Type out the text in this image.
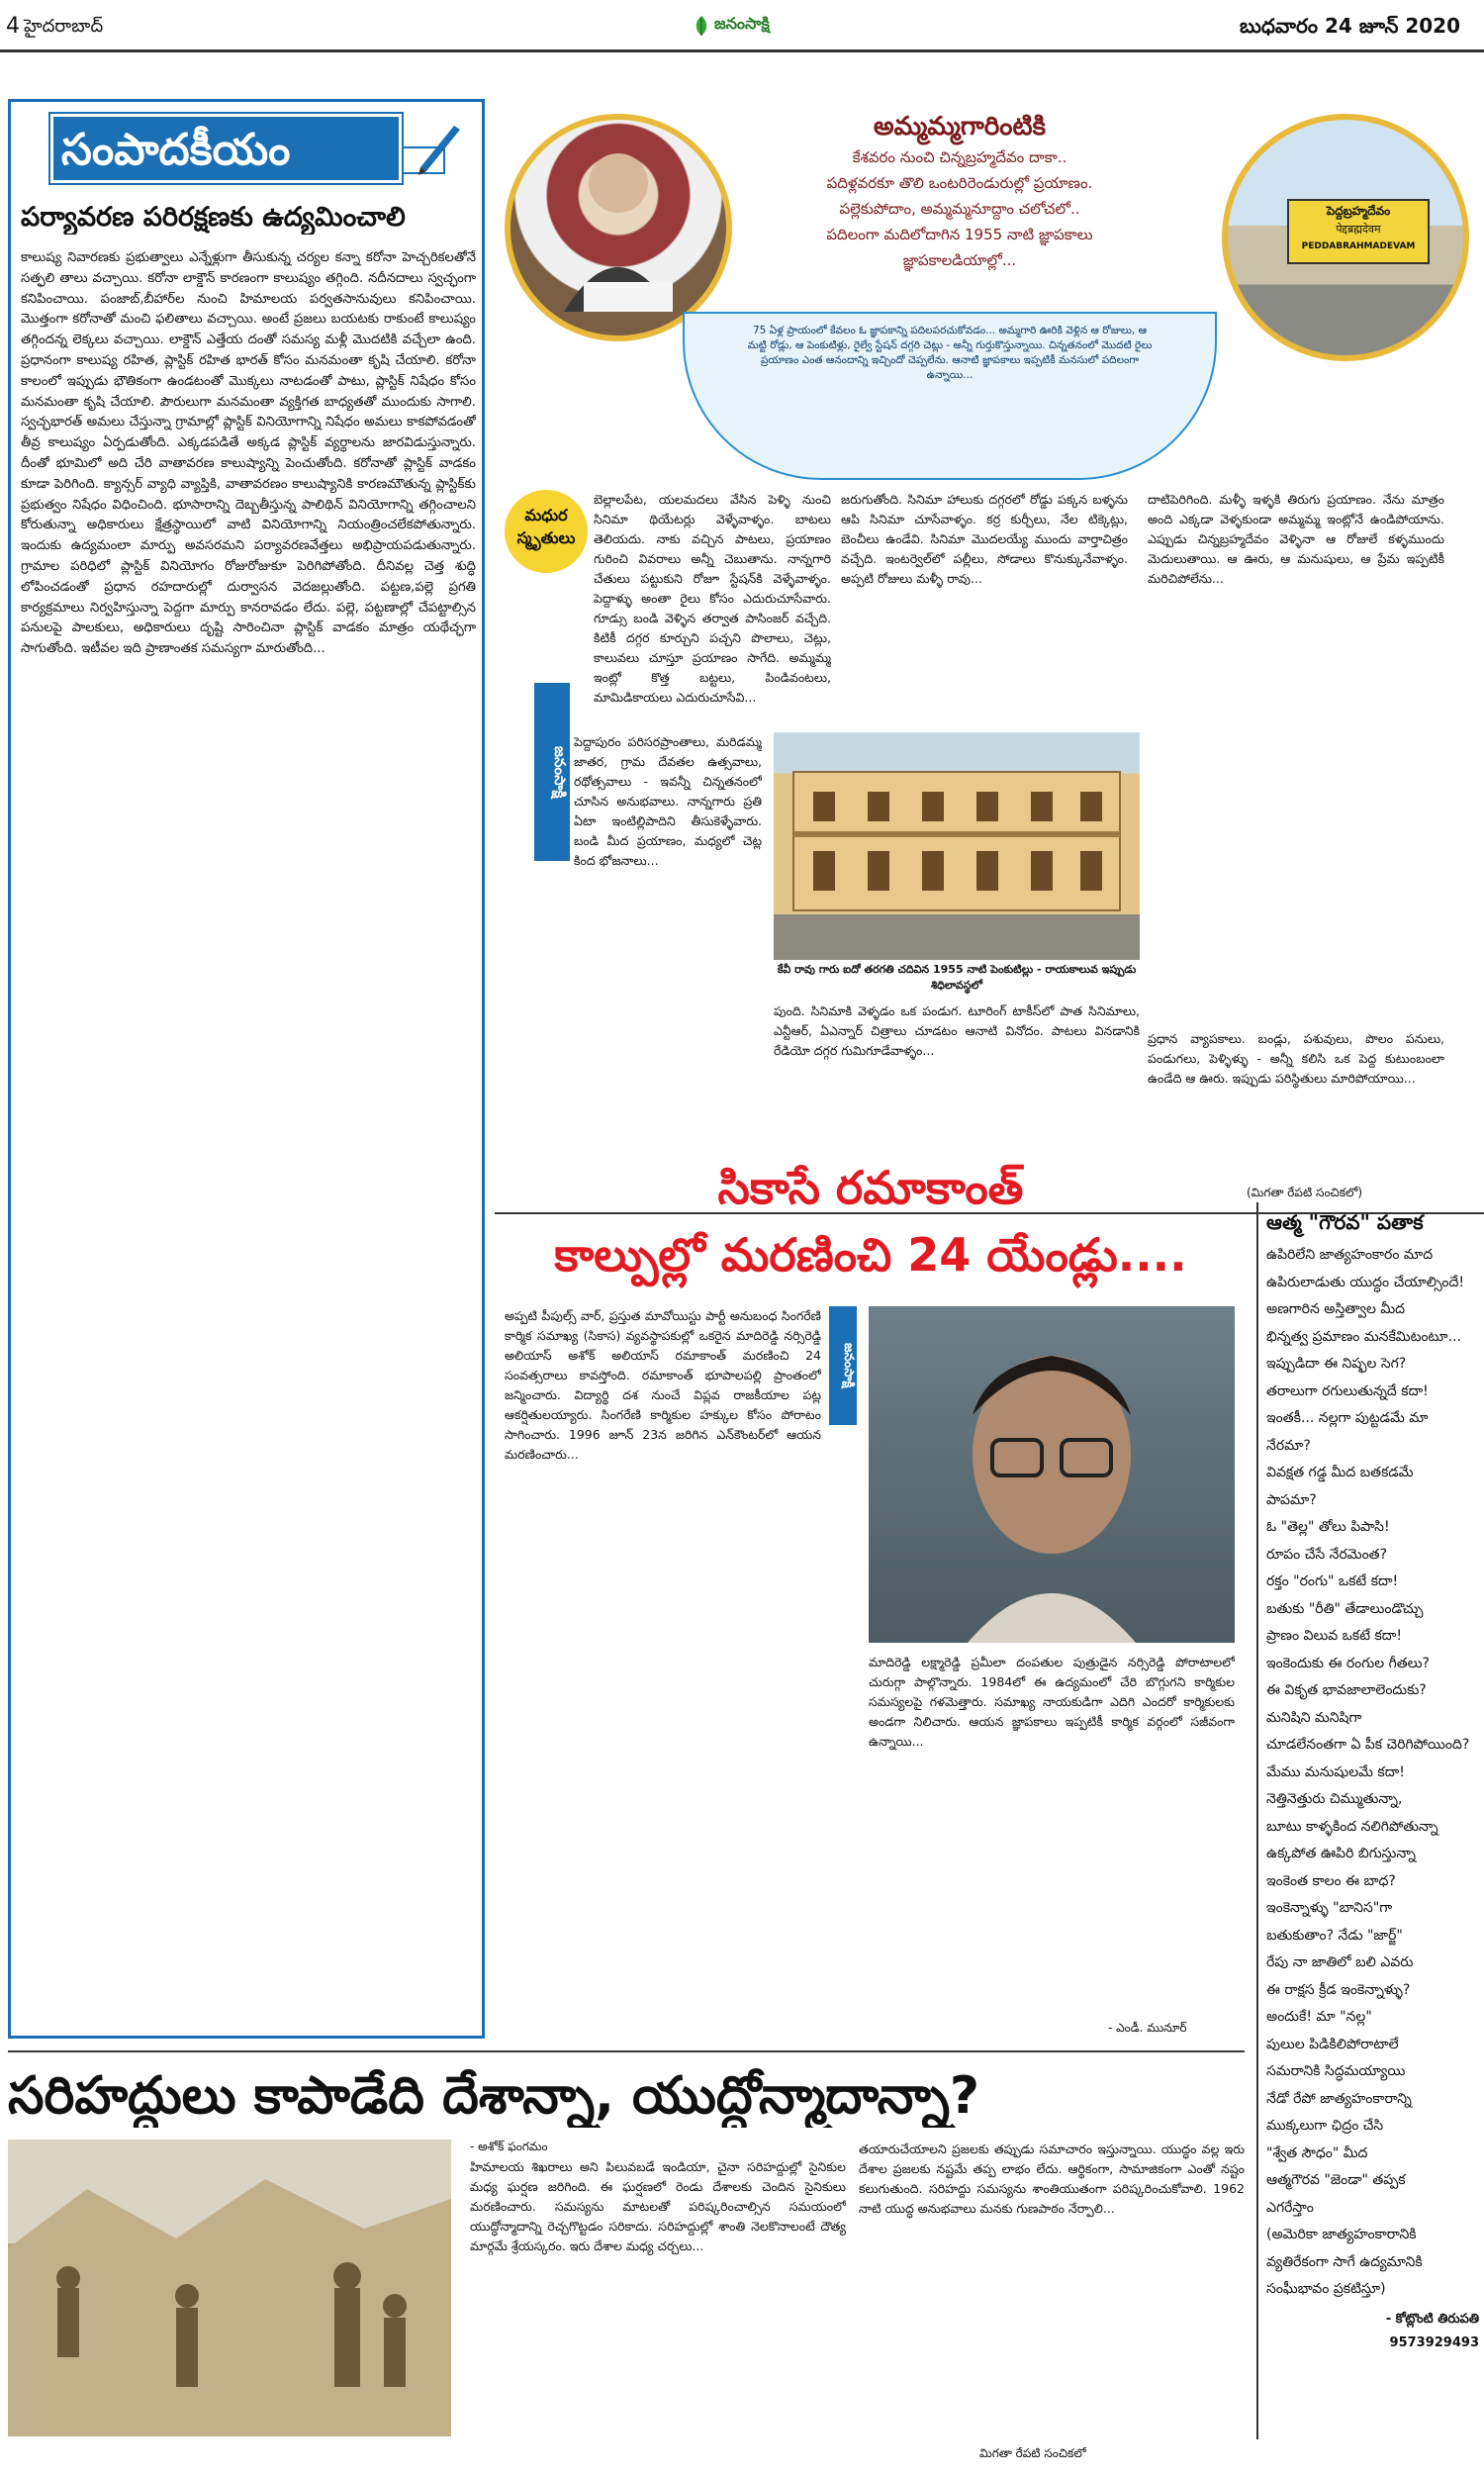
4 హైదరాబాద్	జనంసాక్షి	బుధవారం 24 జూన్ 2020
సంపాదకీయం
పర్యావరణ పరిరక్షణకు ఉద్యమించాలి
కాలుష్య నివారణకు ప్రభుత్వాలు ఎన్నేళ్లుగా తీసుకున్న చర్యల కన్నా కరోనా హెచ్చరికలతోనే సత్ఫలి తాలు వచ్చాయి. కరోనా లాక్డౌన్ కారణంగా కాలుష్యం తగ్గింది. నదీనదాలు స్వచ్ఛంగా కనిపించాయి. పంజాబ్,బీహార్‌ల నుంచి హిమాలయ పర్వతసానువులు కనిపించాయి. మొత్తంగా కరోనాతో మంచి ఫలితాలు వచ్చాయి. అంటే ప్రజలు బయటకు రాకుంటే కాలుష్యం తగ్గిందన్న లెక్కలు వచ్చాయి. లాక్డౌన్ ఎత్తేయ దంతో సమస్య మళ్లీ మొదటికి వచ్చేలా ఉంది. ప్రధానంగా కాలుష్య రహిత, ప్లాస్టిక్ రహిత భారత్ కోసం మనమంతా కృషి చేయాలి. కరోనా కాలంలో ఇప్పుడు భౌతికంగా ఉండటంతో మొక్కలు నాటడంతో పాటు, ప్లాస్టిక్ నిషేధం కోసం మనమంతా కృషి చేయాలి. పౌరులుగా మనమంతా వ్యక్తిగత బాధ్యతతో ముందుకు సాగాలి. స్వచ్ఛభారత్ అమలు చేస్తున్నా గ్రామాల్లో ప్లాస్టిక్ వినియోగాన్ని నిషేధం అమలు కాకపోవడంతో తీవ్ర కాలుష్యం ఏర్పడుతోంది. ఎక్కడపడితే అక్కడ ప్లాస్టిక్ వ్యర్థాలను జారవిడుస్తున్నారు. దీంతో భూమిలో అది చేరి వాతావరణ కాలుష్యాన్ని పెంచుతోంది. కరోనాతో ప్లాస్టిక్ వాడకం కూడా పెరిగింది. క్యాన్సర్ వ్యాధి వ్యాప్తికి, వాతావరణం కాలుష్యానికి కారణమౌతున్న ప్లాస్టిక్‌కు ప్రభుత్వం నిషేధం విధించింది. భూసారాన్ని దెబ్బతీస్తున్న పాలిథిన్ వినియోగాన్ని తగ్గించాలని కోరుతున్నా అధికారులు క్షేత్రస్థాయిలో వాటి వినియోగాన్ని నియంత్రించలేకపోతున్నారు. ఇందుకు ఉద్యమంలా మార్పు అవసరమని పర్యావరణవేత్తలు అభిప్రాయపడుతున్నారు. గ్రామాల పరిధిలో ప్లాస్టిక్ వినియోగం రోజురోజుకూ పెరిగిపోతోంది. దీనివల్ల చెత్త శుద్ధి లోపించడంతో ప్రధాన రహదారుల్లో దుర్వాసన వెదజల్లుతోంది. పట్టణ,పల్లె ప్రగతి కార్యక్రమాలు నిర్వహిస్తున్నా పెద్దగా మార్పు కానరావడం లేదు. పల్లె, పట్టణాల్లో చేపట్టాల్సిన పనులపై పాలకులు, అధికారులు దృష్టి సారించినా ప్లాస్టిక్ వాడకం మాత్రం యథేచ్ఛగా సాగుతోంది. ఇటీవల ఇది ప్రాణాంతక సమస్యగా మారుతోంది...
అమ్మమ్మగారింటికి
కేశవరం నుంచి చిన్నబ్రహ్మదేవం దాకా..
పదిళ్లవరకూ తొలి ఒంటరిరెండురుల్లో ప్రయాణం.
పల్లెకుపోదాం, అమ్మమ్మనూద్దాం చలోచలో..
పదిలంగా మదిలోదాగిన 1955 నాటి జ్ఞాపకాలు
జ్ఞాపకాలడియాల్లో...
75 ఏళ్ల ప్రాయంలో కేవలం ఓ జ్ఞాపకాన్ని పదిలపరచుకోవడం... అమ్మగారి ఊరికి వెళ్లిన ఆ రోజులు, ఆ మట్టి రోడ్లు, ఆ పెంకుటిళ్లు, రైల్వే స్టేషన్ దగ్గరి చెట్లు - అన్నీ గుర్తుకొస్తున్నాయి. చిన్నతనంలో మొదటి రైలు ప్రయాణం ఎంత ఆనందాన్ని ఇచ్చిందో చెప్పలేను. ఆనాటి జ్ఞాపకాలు ఇప్పటికీ మనసులో పదిలంగా ఉన్నాయి...
పెద్దబ్రహ్మదేవం
पेद्दब्रह्मदेवम
PEDDABRAHMADEVAM
మధుర
స్మృతులు
బెల్లాలపేట, యలమదలు వేసిన పెళ్ళి నుంచి సినిమా థియేటర్లు వెళ్ళేవాళ్ళం. బాటలు తెలియదు. నాకు వచ్చిన పాటలు, ప్రయాణం గురించి వివరాలు అన్నీ చెబుతాను. నాన్నగారి చేతులు పట్టుకుని రోజూ స్టేషన్‌కి వెళ్ళేవాళ్ళం. పెద్దాళ్ళు అంతా రైలు కోసం ఎదురుచూసేవారు. గూడ్సు బండి వెళ్ళిన తర్వాత పాసింజర్ వచ్చేది. కిటికీ దగ్గర కూర్చుని పచ్చని పొలాలు, చెట్లు, కాలువలు చూస్తూ ప్రయాణం సాగేది. అమ్మమ్మ ఇంట్లో కొత్త బట్టలు, పిండివంటలు, మామిడికాయలు ఎదురుచూసేవి...
జనంసాక్షి
జరుగుతోంది. సినిమా హాలుకు దగ్గరలో రోడ్డు పక్కన బళ్ళను ఆపి సినిమా చూసేవాళ్ళం. కర్ర కుర్చీలు, నేల టిక్కెట్లు, బెంచీలు ఉండేవి. సినిమా మొదలయ్యే ముందు వార్తాచిత్రం వచ్చేది. ఇంటర్వెల్‌లో పల్లీలు, సోడాలు కొనుక్కునేవాళ్ళం. అప్పటి రోజులు మళ్ళీ రావు...
దాటిపెరిగింది. మళ్ళీ ఇళ్ళకి తిరుగు ప్రయాణం. నేను మాత్రం అంది ఎక్కడా వెళ్ళకుండా అమ్మమ్మ ఇంట్లోనే ఉండిపోయాను. ఎప్పుడు చిన్నబ్రహ్మదేవం వెళ్ళినా ఆ రోజులే కళ్ళముందు మెదులుతాయి. ఆ ఊరు, ఆ మనుషులు, ఆ ప్రేమ ఇప్పటికీ మరిచిపోలేను...
పెద్దాపురం పరిసరప్రాంతాలు, మరిడమ్మ జాతర, గ్రామ దేవతల ఉత్సవాలు, రథోత్సవాలు - ఇవన్నీ చిన్నతనంలో చూసిన అనుభవాలు. నాన్నగారు ప్రతి ఏటా ఇంటిల్లిపాదిని తీసుకెళ్ళేవారు. బండి మీద ప్రయాణం, మధ్యలో చెట్ల కింద భోజనాలు...
కేవీ రావు గారు ఐదో తరగతి చదివిన 1955 నాటి పెంకుటిల్లు - రాయకాలువ ఇప్పుడు శిధిలావస్థలో
పుంది. సినిమాకి వెళ్ళడం ఒక పండుగ. టూరింగ్ టాకీస్‌లో పాత సినిమాలు, ఎన్టీఆర్, ఏఎన్నార్ చిత్రాలు చూడటం ఆనాటి వినోదం. పాటలు వినడానికి రేడియో దగ్గర గుమిగూడేవాళ్ళం...
ప్రధాన వ్యాపకాలు. బండ్లు, పశువులు, పొలం పనులు, పండుగలు, పెళ్ళిళ్ళు - అన్నీ కలిసి ఒక పెద్ద కుటుంబంలా ఉండేది ఆ ఊరు. ఇప్పుడు పరిస్థితులు మారిపోయాయి...
(మిగతా రేపటి సంచికలో)
సికాసే రమాకాంత్
కాల్పుల్లో మరణించి 24 యేండ్లు....
అప్పటి పీపుల్స్ వార్, ప్రస్తుత మావోయిస్టు పార్టీ అనుబంధ సింగరేణి కార్మిక సమాఖ్య (సికాస) వ్యవస్థాపకుల్లో ఒకరైన మాదిరెడ్డి నర్సిరెడ్డి అలియాస్ అశోక్ అలియాస్ రమాకాంత్ మరణించి 24 సంవత్సరాలు కావస్తోంది. రమాకాంత్ భూపాలపల్లి ప్రాంతంలో జన్మించారు. విద్యార్థి దశ నుంచే విప్లవ రాజకీయాల పట్ల ఆకర్షితులయ్యారు. సింగరేణి కార్మికుల హక్కుల కోసం పోరాటం సాగించారు. 1996 జూన్ 23న జరిగిన ఎన్‌కౌంటర్‌లో ఆయన మరణించారు...
జనంసాక్షి
మాదిరెడ్డి లక్ష్మారెడ్డి ప్రమీలా దంపతుల పుత్రుడైన నర్సిరెడ్డి పోరాటాలలో చురుగ్గా పాల్గొన్నారు. 1984లో ఈ ఉద్యమంలో చేరి బొగ్గుగని కార్మికుల సమస్యలపై గళమెత్తారు. సమాఖ్య నాయకుడిగా ఎదిగి ఎందరో కార్మికులకు అండగా నిలిచారు. ఆయన జ్ఞాపకాలు ఇప్పటికీ కార్మిక వర్గంలో సజీవంగా ఉన్నాయి...
- ఎండీ. మునూర్
ఆత్మ "గౌరవ" పతాక
ఉపిరిలేని జాత్యహంకారం మాద
ఉపిరులాడుతు యుద్ధం చేయాల్సిందే!
అణగారిన అస్తిత్వాల మీద
భిన్నత్వ ప్రమాణం మనకేమిటంటూ...
ఇప్పుడిదా ఈ నిష్ఫల సెగ?
తరాలుగా రగులుతున్నదే కదా!
ఇంతకీ... నల్లగా పుట్టడమే మా
నేరమా?
వివక్షత గడ్డ మీద బతకడమే
పాపమా?
ఓ "తెల్ల" తోలు పిపాసి!
రూపం చేసే నేరమెంత?
రక్తం "రంగు" ఒకటే కదా!
బతుకు "రీతి" తేడాలుండొచ్చు
ప్రాణం విలువ ఒకటే కదా!
ఇంకెందుకు ఈ రంగుల గీతలు?
ఈ వికృత భావజాలాలెందుకు?
మనిషిని మనిషిగా
చూడలేనంతగా ఏ పీక చెరిగిపోయింది?
మేము మనుషులమే కదా!
నెత్తినెత్తురు చిమ్ముతున్నా,
బూటు కాళ్ళకింద నలిగిపోతున్నా
ఉక్కపోత ఊపిరి బిగుస్తున్నా
ఇంకెంత కాలం ఈ బాధ?
ఇంకెన్నాళ్ళు "బానిస"గా
బతుకుతాం? నేడు "జార్జ్"
రేపు నా జాతిలో బలి ఎవరు
ఈ రాక్షస క్రీడ ఇంకెన్నాళ్ళు?
అందుకే! మా "నల్ల"
పులుల పిడికిలిపోరాటాలే
సమరానికి సిద్ధమయ్యాయి
నేడో రేపో జాత్యహంకారాన్ని
ముక్కలుగా ఛిద్రం చేసి
"శ్వేత సౌధం" మీద
ఆత్మగౌరవ "జెండా" తప్పక
ఎగరేస్తాం
(అమెరికా జాత్యహంకారానికి
వ్యతిరేకంగా సాగే ఉద్యమానికి
సంఘీభావం ప్రకటిస్తూ)
- కోట్లొంటి తిరుపతి
9573929493
సరిహద్దులు కాపాడేది దేశాన్నా, యుద్ధోన్మాదాన్నా?
- అశోక్ ఫంగమం
హిమాలయ శిఖరాలు అని పిలువబడే ఇండియా, చైనా సరిహద్దుల్లో సైనికుల మధ్య ఘర్షణ జరిగింది. ఈ ఘర్షణలో రెండు దేశాలకు చెందిన సైనికులు మరణించారు. సమస్యను మాటలతో పరిష్కరించాల్సిన సమయంలో యుద్ధోన్మాదాన్ని రెచ్చగొట్టడం సరికాదు. సరిహద్దుల్లో శాంతి నెలకొనాలంటే దౌత్య మార్గమే శ్రేయస్కరం. ఇరు దేశాల మధ్య చర్చలు...
తయారుచేయాలని ప్రజలకు తప్పుడు సమాచారం ఇస్తున్నాయి. యుద్ధం వల్ల ఇరు దేశాల ప్రజలకు నష్టమే తప్ప లాభం లేదు. ఆర్థికంగా, సామాజికంగా ఎంతో నష్టం కలుగుతుంది. సరిహద్దు సమస్యను శాంతియుతంగా పరిష్కరించుకోవాలి. 1962 నాటి యుద్ధ అనుభవాలు మనకు గుణపాఠం నేర్పాలి...
మిగతా రేపటి సంచికలో
